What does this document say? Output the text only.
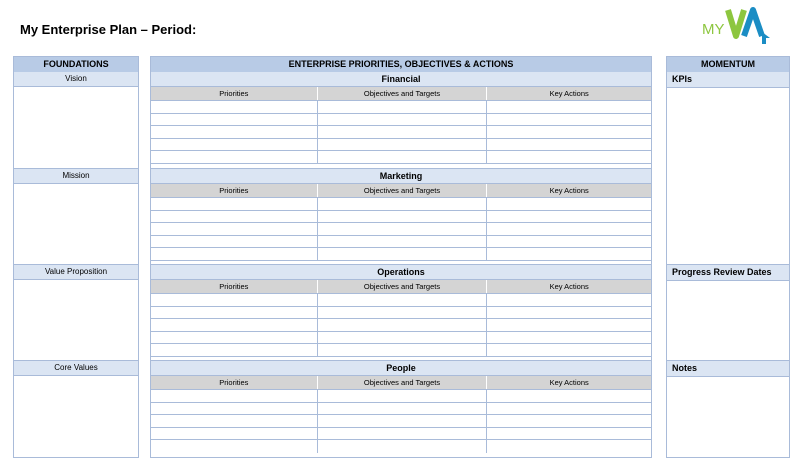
My Enterprise Plan – Period:	MY
FOUNDATIONS
Vision
Mission
Value Proposition
Core Values
ENTERPRISE PRIORITIES, OBJECTIVES & ACTIONS
Financial
Priorities	Objectives and Targets	Key Actions
Marketing
Priorities	Objectives and Targets	Key Actions
Operations
Priorities	Objectives and Targets	Key Actions
People
Priorities	Objectives and Targets	Key Actions
MOMENTUM
KPIs
Progress Review Dates
Notes
